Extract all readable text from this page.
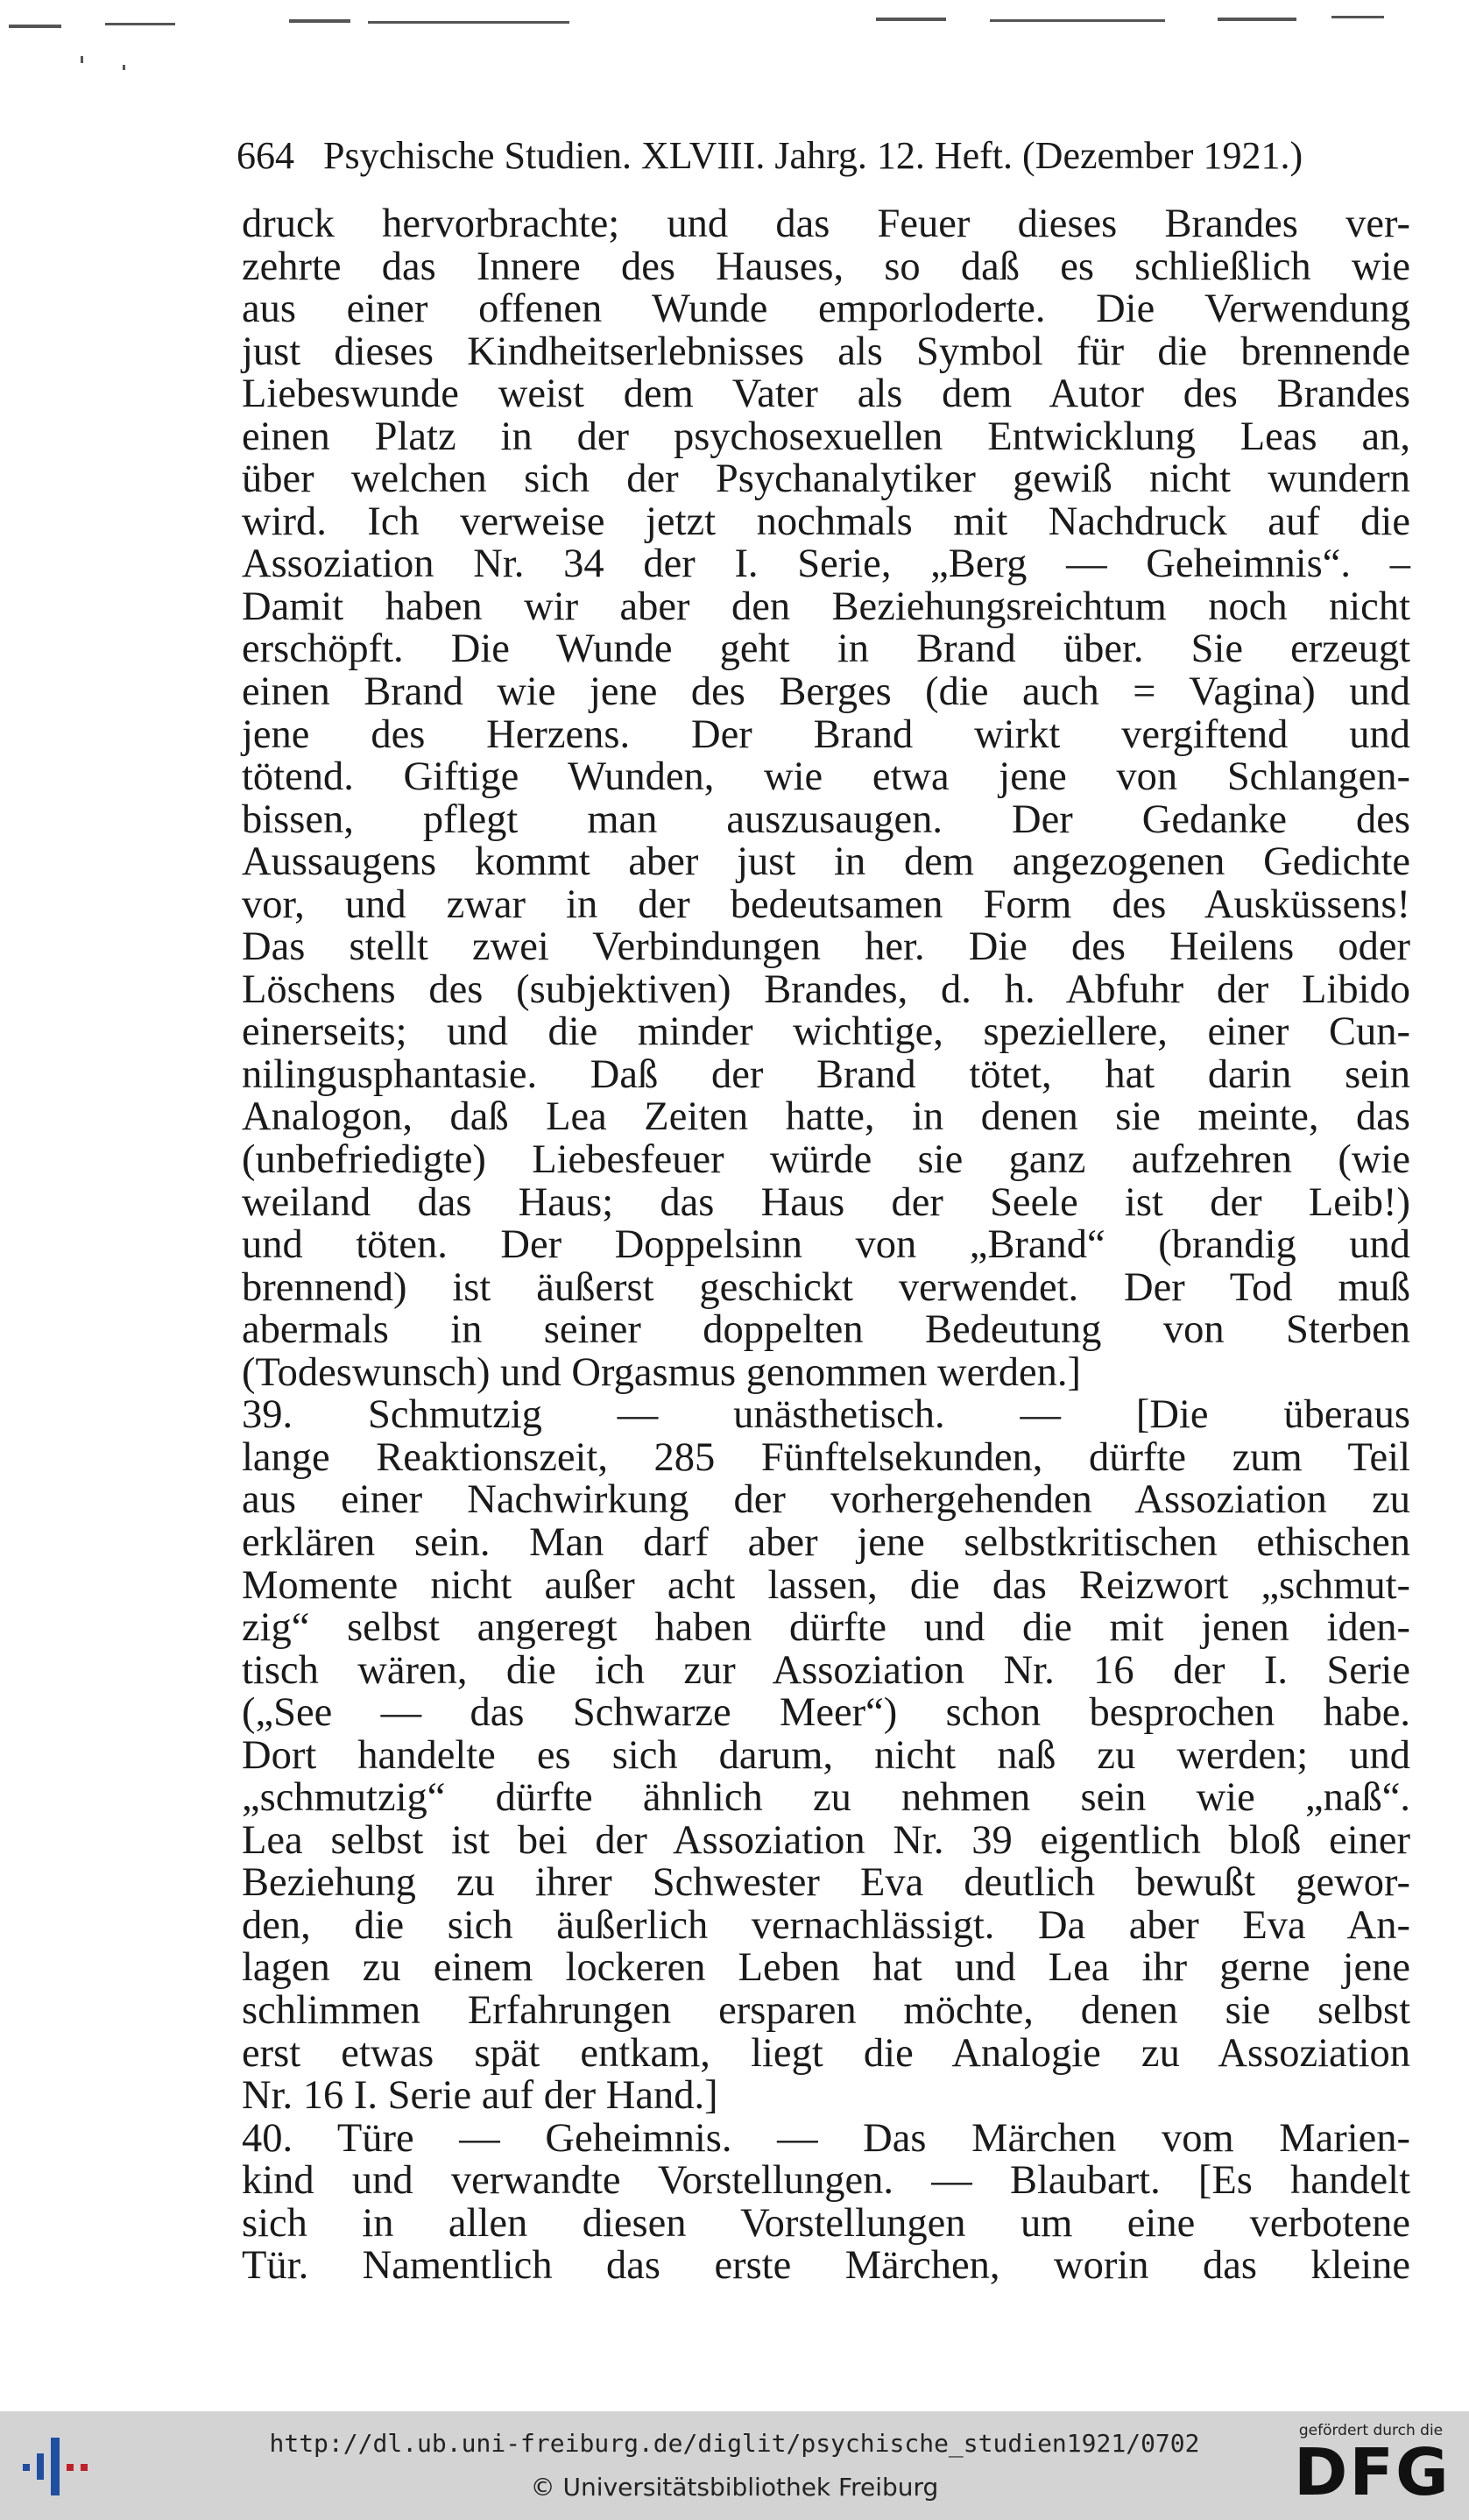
664 Psychische Studien. XLVIII. Jahrg. 12. Heft. (Dezember 1921.)
druck hervorbrachte; und das Feuer dieses Brandes ver-
zehrte das Innere des Hauses, so daß es schließlich wie
aus einer offenen Wunde emporloderte. Die Verwendung
just dieses Kindheitserlebnisses als Symbol für die brennende
Liebeswunde weist dem Vater als dem Autor des Brandes
einen Platz in der psychosexuellen Entwicklung Leas an,
über welchen sich der Psychanalytiker gewiß nicht wundern
wird. Ich verweise jetzt nochmals mit Nachdruck auf die
Assoziation Nr. 34 der I. Serie, „Berg — Geheimnis“. –
Damit haben wir aber den Beziehungsreichtum noch nicht
erschöpft. Die Wunde geht in Brand über. Sie erzeugt
einen Brand wie jene des Berges (die auch = Vagina) und
jene des Herzens. Der Brand wirkt vergiftend und
tötend. Giftige Wunden, wie etwa jene von Schlangen-
bissen, pflegt man auszusaugen. Der Gedanke des
Aussaugens kommt aber just in dem angezogenen Gedichte
vor, und zwar in der bedeutsamen Form des Ausküssens!
Das stellt zwei Verbindungen her. Die des Heilens oder
Löschens des (subjektiven) Brandes, d. h. Abfuhr der Libido
einerseits; und die minder wichtige, speziellere, einer Cun-
nilingusphantasie. Daß der Brand tötet, hat darin sein
Analogon, daß Lea Zeiten hatte, in denen sie meinte, das
(unbefriedigte) Liebesfeuer würde sie ganz aufzehren (wie
weiland das Haus; das Haus der Seele ist der Leib!)
und töten. Der Doppelsinn von „Brand“ (brandig und
brennend) ist äußerst geschickt verwendet. Der Tod muß
abermals in seiner doppelten Bedeutung von Sterben
(Todeswunsch) und Orgasmus genommen werden.]
39. Schmutzig — unästhetisch. — [Die überaus
lange Reaktionszeit, 285 Fünftelsekunden, dürfte zum Teil
aus einer Nachwirkung der vorhergehenden Assoziation zu
erklären sein. Man darf aber jene selbstkritischen ethischen
Momente nicht außer acht lassen, die das Reizwort „schmut-
zig“ selbst angeregt haben dürfte und die mit jenen iden-
tisch wären, die ich zur Assoziation Nr. 16 der I. Serie
(„See — das Schwarze Meer“) schon besprochen habe.
Dort handelte es sich darum, nicht naß zu werden; und
„schmutzig“ dürfte ähnlich zu nehmen sein wie „naß“.
Lea selbst ist bei der Assoziation Nr. 39 eigentlich bloß einer
Beziehung zu ihrer Schwester Eva deutlich bewußt gewor-
den, die sich äußerlich vernachlässigt. Da aber Eva An-
lagen zu einem lockeren Leben hat und Lea ihr gerne jene
schlimmen Erfahrungen ersparen möchte, denen sie selbst
erst etwas spät entkam, liegt die Analogie zu Assoziation
Nr. 16 I. Serie auf der Hand.]
40. Türe — Geheimnis. — Das Märchen vom Marien-
kind und verwandte Vorstellungen. — Blaubart. [Es handelt
sich in allen diesen Vorstellungen um eine verbotene
Tür. Namentlich das erste Märchen, worin das kleine
http://dl.ub.uni-freiburg.de/diglit/psychische_studien1921/0702
© Universitätsbibliothek Freiburg
gefördert durch die
DFG
